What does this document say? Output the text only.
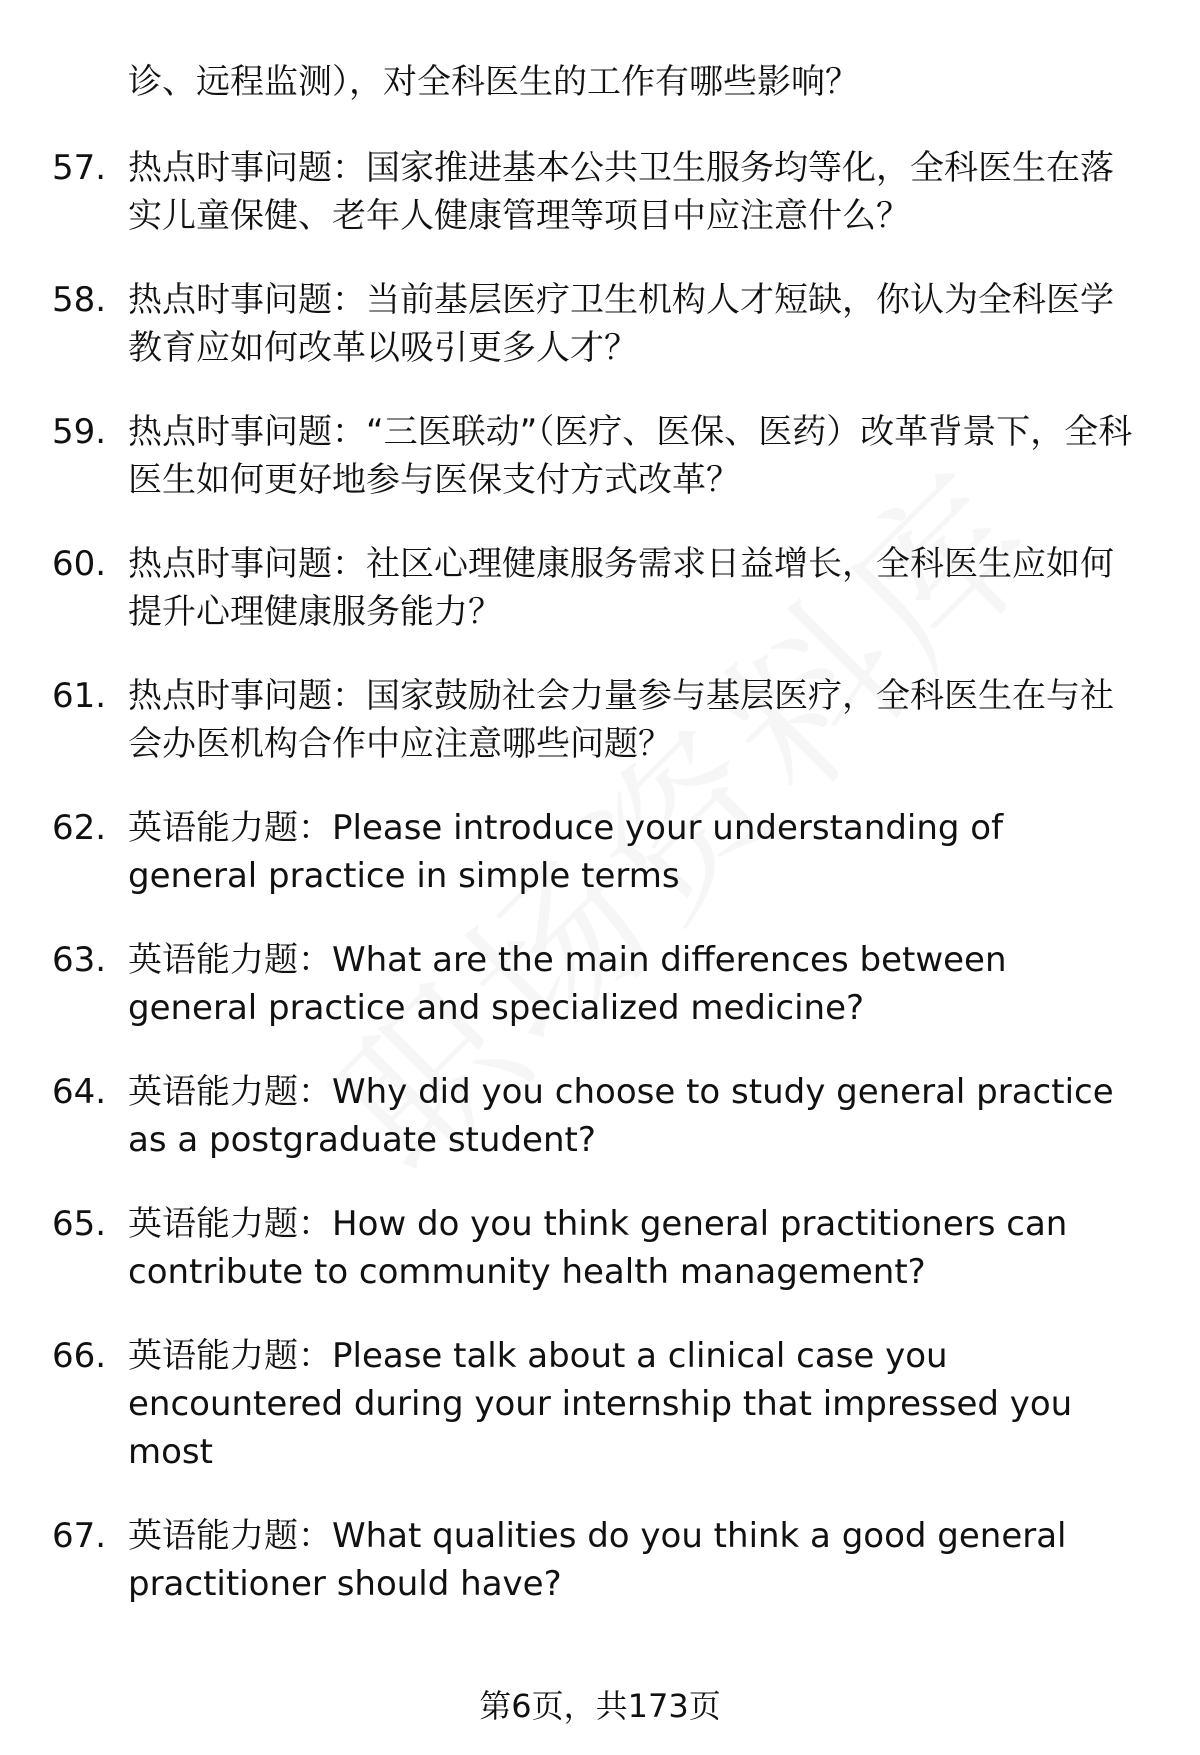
诊、远程监测），对全科医生的工作有哪些影响？
57. 热点时事问题：国家推进基本公共卫生服务均等化，全科医生在落实儿童保健、老年人健康管理等项目中应注意什么？
58. 热点时事问题：当前基层医疗卫生机构人才短缺，你认为全科医学教育应如何改革以吸引更多人才？
59. 热点时事问题：“三医联动”（医疗、医保、医药）改革背景下，全科医生如何更好地参与医保支付方式改革？
60. 热点时事问题：社区心理健康服务需求日益增长，全科医生应如何提升心理健康服务能力？
61. 热点时事问题：国家鼓励社会力量参与基层医疗，全科医生在与社会办医机构合作中应注意哪些问题？
62. 英语能力题：Please introduce your understanding of general practice in simple terms
63. 英语能力题：What are the main differences between general practice and specialized medicine?
64. 英语能力题：Why did you choose to study general practice as a postgraduate student?
65. 英语能力题：How do you think general practitioners can contribute to community health management?
66. 英语能力题：Please talk about a clinical case you encountered during your internship that impressed you most
67. 英语能力题：What qualities do you think a good general practitioner should have?
第6页，共173页
